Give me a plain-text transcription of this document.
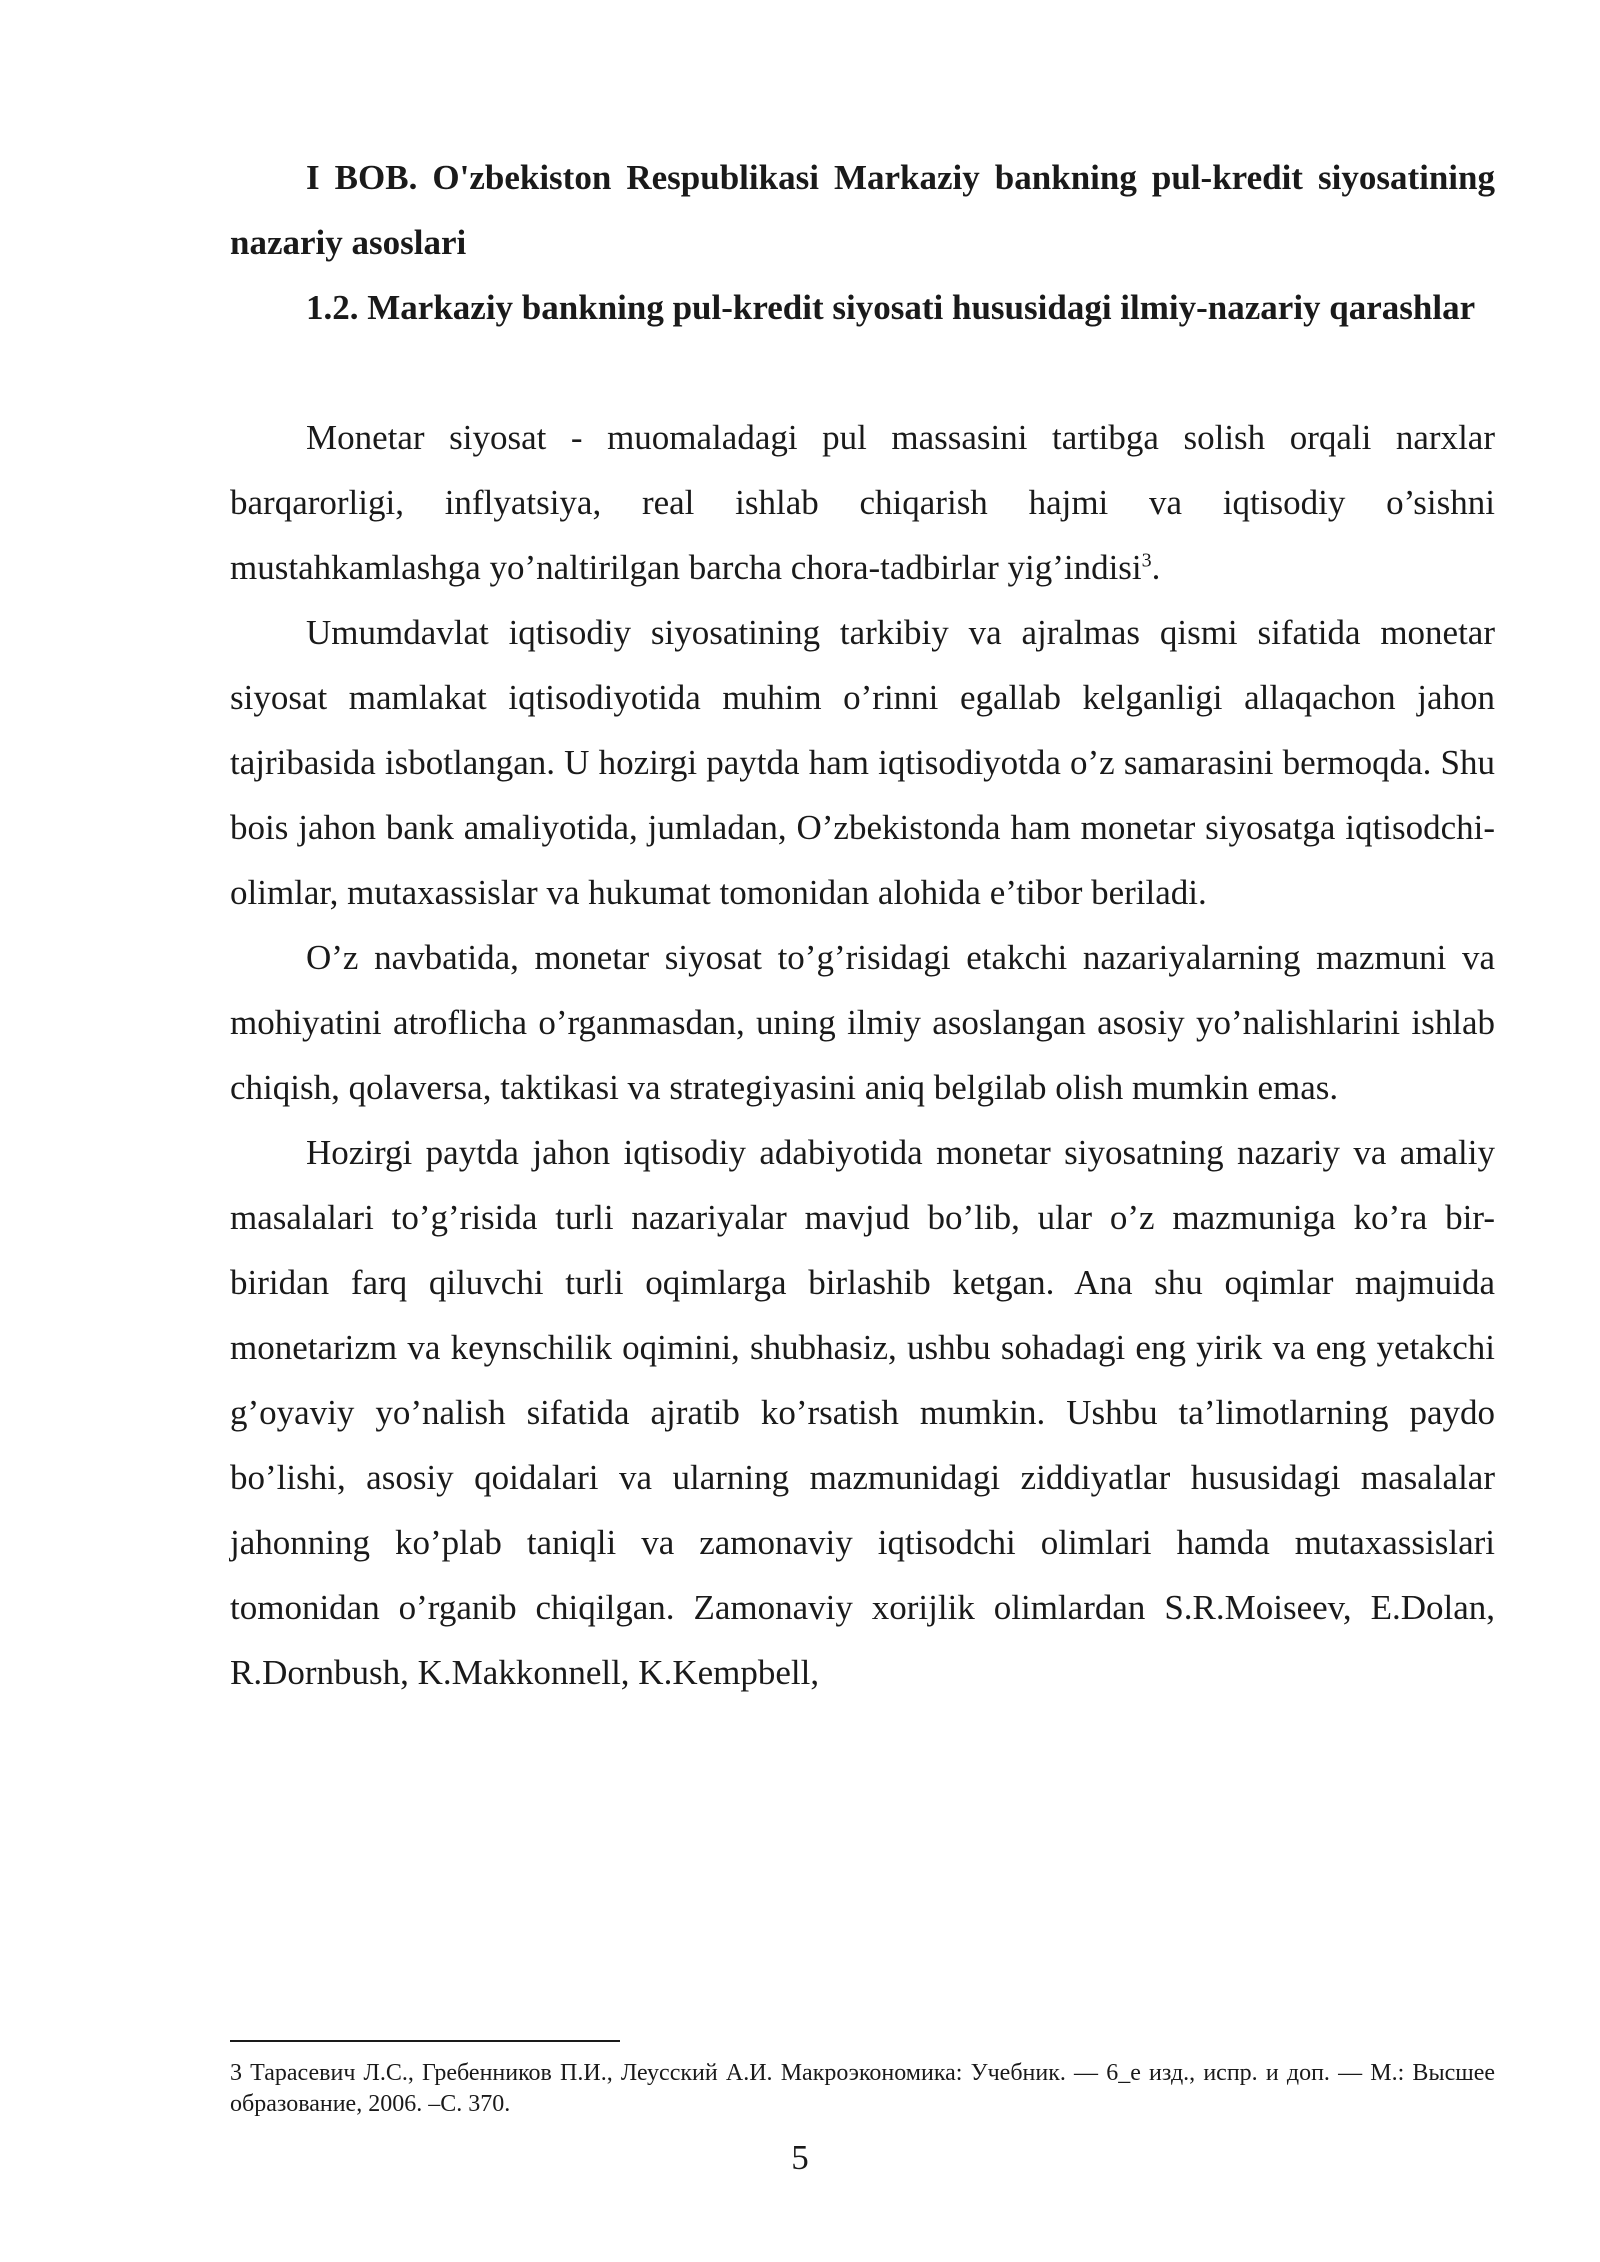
I BOB. O'zbekiston Respublikasi Markaziy bankning pul-kredit siyosatining nazariy asoslari

1.2. Markaziy bankning pul-kredit siyosati hususidagi ilmiy-nazariy qarashlar

Monetar siyosat - muomaladagi pul massasini tartibga solish orqali narxlar barqarorligi, inflyatsiya, real ishlab chiqarish hajmi va iqtisodiy o’sishni mustahkamlashga yo’naltirilgan barcha chora-tadbirlar yig’indisi$^3$.

Umumdavlat iqtisodiy siyosatining tarkibiy va ajralmas qismi sifatida monetar siyosat mamlakat iqtisodiyotida muhim o’rinni egallab kelganligi allaqachon jahon tajribasida isbotlangan. U hozirgi paytda ham iqtisodiyotda o’z samarasini bermoqda. Shu bois jahon bank amaliyotida, jumladan, O’zbekistonda ham monetar siyosatga iqtisodchi-olimlar, mutaxassislar va hukumat tomonidan alohida e’tibor beriladi.

O’z navbatida, monetar siyosat to’g’risidagi etakchi nazariyalarning mazmuni va mohiyatini atroflicha o’rganmasdan, uning ilmiy asoslangan asosiy yo’nalishlarini ishlab chiqish, qolaversa, taktikasi va strategiyasini aniq belgilab olish mumkin emas.

Hozirgi paytda jahon iqtisodiy adabiyotida monetar siyosatning nazariy va amaliy masalalari to’g’risida turli nazariyalar mavjud bo’lib, ular o’z mazmuniga ko’ra bir-biridan farq qiluvchi turli oqimlarga birlashib ketgan. Ana shu oqimlar majmuida monetarizm va keynschilik oqimini, shubhasiz, ushbu sohadagi eng yirik va eng yetakchi g’oyaviy yo’nalish sifatida ajratib ko’rsatish mumkin. Ushbu ta’limotlarning paydo bo’lishi, asosiy qoidalari va ularning mazmunidagi ziddiyatlar hususidagi masalalar jahonning ko’plab taniqli va zamonaviy iqtisodchi olimlari hamda mutaxassislari tomonidan o’rganib chiqilgan. Zamonaviy xorijlik olimlardan S.R.Moiseev, E.Dolan, R.Dornbush, K.Makkonnell, K.Kempbell,

3 Тарасевич Л.С., Гребенников П.И., Леусский А.И. Макроэкономика: Учебник. — 6_е изд., испр. и доп. — М.: Высшее образование, 2006. –С. 370.

5
